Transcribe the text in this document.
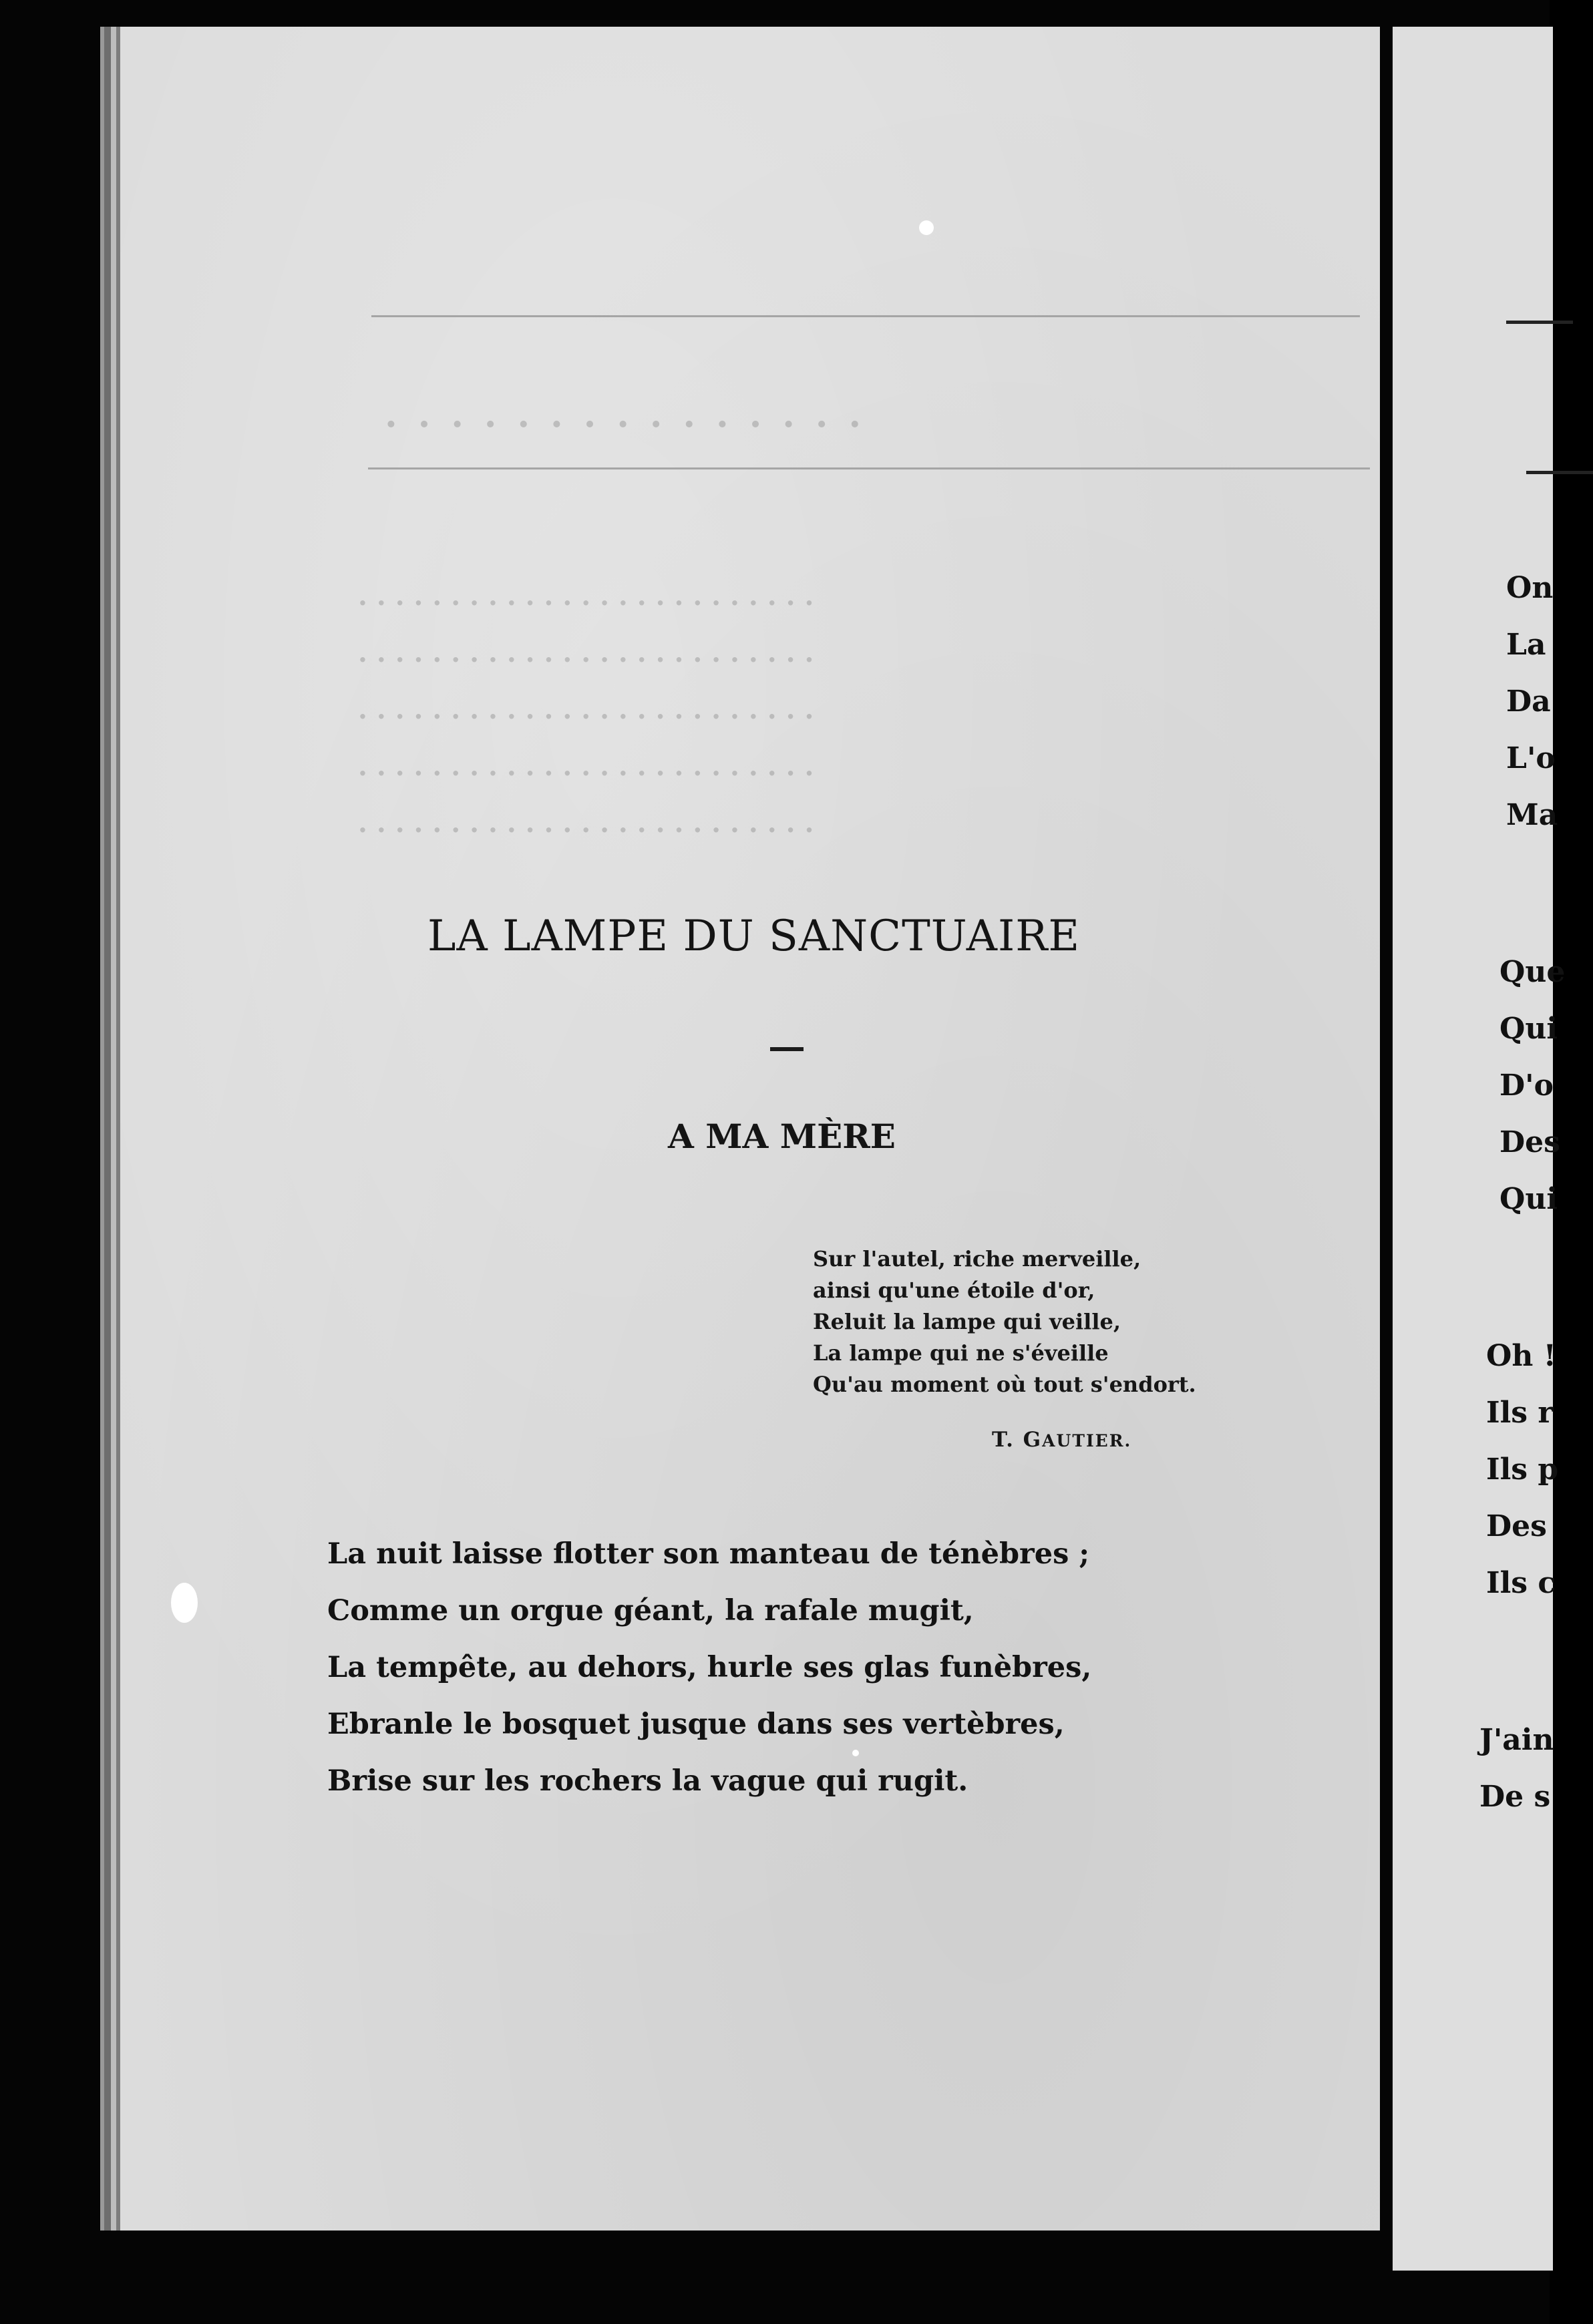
. . . . . . . . . . . . . . .
. . . . . . . . . . . . . . . . . . . . . . . . .
. . . . . . . . . . . . . . . . . . . . . . . . .
. . . . . . . . . . . . . . . . . . . . . . . . .
. . . . . . . . . . . . . . . . . . . . . . . . .
. . . . . . . . . . . . . . . . . . . . . . . . .
On
La
Da
L'o
Ma
Que
Qui
D'o
Des
Qui
Oh !
Ils r
Ils p
Des
Ils c
J'ain
De s
LA LAMPE DU SANCTUAIRE
A MA MÈRE
Sur l'autel, riche merveille,
ainsi qu'une étoile d'or,
Reluit la lampe qui veille,
La lampe qui ne s'éveille
Qu'au moment où tout s'endort.
T. GAUTIER.
La nuit laisse flotter son manteau de ténèbres ;
Comme un orgue géant, la rafale mugit,
La tempête, au dehors, hurle ses glas funèbres,
Ebranle le bosquet jusque dans ses vertèbres,
Brise sur les rochers la vague qui rugit.
